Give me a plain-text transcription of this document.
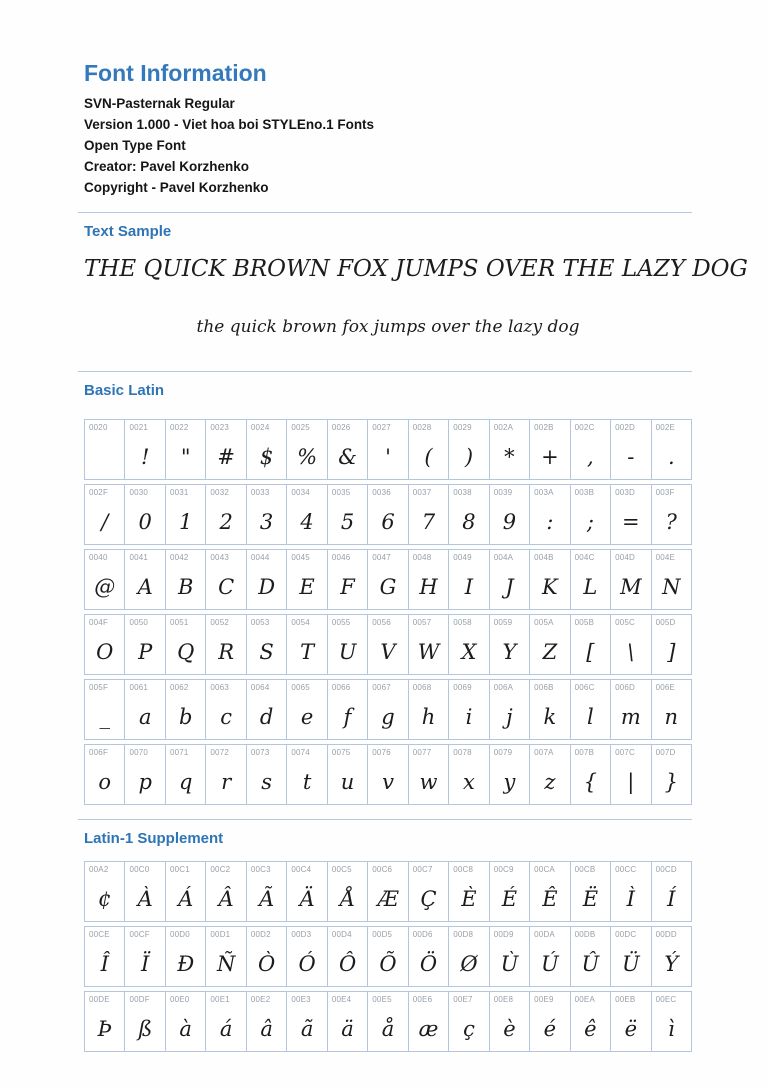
Font Information
SVN-Pasternak Regular
Version 1.000 - Viet hoa boi STYLEno.1 Fonts
Open Type Font
Creator: Pavel Korzhenko
Copyright - Pavel Korzhenko
Text Sample
THE QUICK BROWN FOX JUMPS OVER THE LAZY DOG
the quick brown fox jumps over the lazy dog
Basic Latin
0020	0021
!
0022
"
0023
#
0024
$
0025
%
0026
&
0027
'
0028
(
0029
)
002A
*
002B
+
002C
,
002D
-
002E
.
002F
/
0030
0
0031
1
0032
2
0033
3
0034
4
0035
5
0036
6
0037
7
0038
8
0039
9
003A
:
003B
;
003D
=
003F
?
0040
@
0041
A
0042
B
0043
C
0044
D
0045
E
0046
F
0047
G
0048
H
0049
I
004A
J
004B
K
004C
L
004D
M
004E
N
004F
O
0050
P
0051
Q
0052
R
0053
S
0054
T
0055
U
0056
V
0057
W
0058
X
0059
Y
005A
Z
005B
[
005C
\
005D
]
005F
_
0061
a
0062
b
0063
c
0064
d
0065
e
0066
f
0067
g
0068
h
0069
i
006A
j
006B
k
006C
l
006D
m
006E
n
006F
o
0070
p
0071
q
0072
r
0073
s
0074
t
0075
u
0076
v
0077
w
0078
x
0079
y
007A
z
007B
{
007C
|
007D
}
Latin-1 Supplement
00A2
¢
00C0
À
00C1
Á
00C2
Â
00C3
Ã
00C4
Ä
00C5
Å
00C6
Æ
00C7
Ç
00C8
È
00C9
É
00CA
Ê
00CB
Ë
00CC
Ì
00CD
Í
00CE
Î
00CF
Ï
00D0
Ð
00D1
Ñ
00D2
Ò
00D3
Ó
00D4
Ô
00D5
Õ
00D6
Ö
00D8
Ø
00D9
Ù
00DA
Ú
00DB
Û
00DC
Ü
00DD
Ý
00DE
Þ
00DF
ß
00E0
à
00E1
á
00E2
â
00E3
ã
00E4
ä
00E5
å
00E6
æ
00E7
ç
00E8
è
00E9
é
00EA
ê
00EB
ë
00EC
ì
